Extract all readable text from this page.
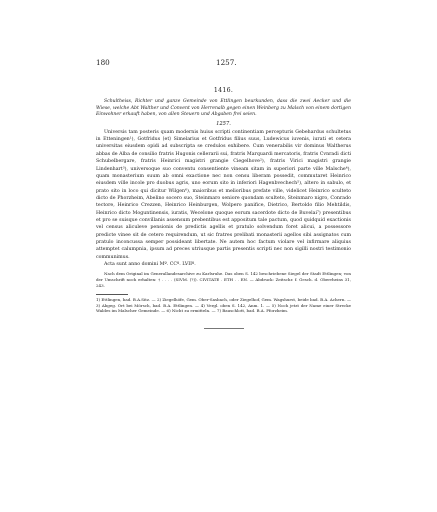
180	1257.
1416.
Schultheiss, Richter und ganze Gemeinde von Ettlingen beurkunden, dass die zwei Aecker und die Wiese, welche Abt Walther und Convent von Herrenalb gegen einen Weinberg zu Malsch von einem dortigen Einwohner erkauft haben, von allen Steuern und Abgaben frei seien.
1257.

Universis tam posteris quam modernis huius scripti continentiam percepturis Gebehardus schultetus in Etteningen¹), Gotfridus ⟨et⟩ Simelarius et Gotfridus filius suus, Ludewicus iuvenis, iurati et cetera universitas eiusdem opidi ad subscripta se credulos exhibere. Cum venerabilis vir dominus Waltherus abbas de Alba de consilio fratris Hugonis cellerarii sui, fratris Marquardi mercatoris, fratris Cvnradi dicti Schubelbergare, fratris Heinrici magistri grangie Ciegelhove²), fratris Virici magistri grangie Lindenhart³), universoque suo conventu consentiente vineam sitam in superiori parte ville Malsche⁴), quam monasterium suum ab omni exactione nec non censu liberam possedit, commutaret Heinrico eiusdem ville incole pro duobus agris, uno eorum sito in inferiori Hagenbvechech⁵), altero in sabulo, et prato sito in loco qui dicitur Wilgen⁶), maioribus et melioribus prefate ville, videlicet Heinrico sculteto dicto de Phorzheim, Abelino socero suo, Steinmaro seniore quondam sculteto, Steinmaro nigro, Conrado tectore, Heinrico Crezzen, Heinrico Heinburgen, Wolpero panifice, Dietrico, Bertoldo filio Mehtildis, Heinrico dicto Moguntinensis, iuratis, Wecelone quoque eorum sacerdote dicto de Buvelai⁷) presentibus et pro se suisque convillanis assensum prebentibus est appositum tale pactum, quod quidquid exactionis vel census aliculeve pensionis de predictis agellis et pratulo solvendum foret alicui, a possessore predicte vinee sit de cetero requirendum, ut sic fratres prelibati monasterii agellos sibi assignatos cum pratulo inconcussa semper possideant libertate. Ne autem hoc factum violare vel infirmare aliquius attemptet calumpnia, ipsum ad preces utriusque partis presentis scripti nec non sigilli nostri testimonio communimus.

Acta sunt anno domini Mº. CCº. LVIIº.

Nach dem Original im Generallandesarchive zu Karlsruhe. Das oben S. 142 beschriebene Siegel der Stadt Ettlingen; von der Umschrift noch erhalten: † . . . . (SIVM. (?)). CIVITATE . ETH . . EN. — Abdruck: Zeitschr. f. Gesch. d. Oberrheins 31, 243.

1) Ettlingen, bad. B.A.Sitz. — 2) Ziegelhöfe, Gem. Ober-Sasbach, oder Ziegelhof, Gem. Wagshurst, beide bad. B.A. Achern. — 3) Abgeg. Ort bei Mörsch, bad. B.A. Ettlingen. — 4) Vergl. oben S. 142, Anm. 1. — 5) Noch jetzt der Name einer Strecke Waldes im Malscher Gemeinde. — 6) Nicht zu ermitteln. — 7) Bauschlott, bad. B.A. Pforzheim.
